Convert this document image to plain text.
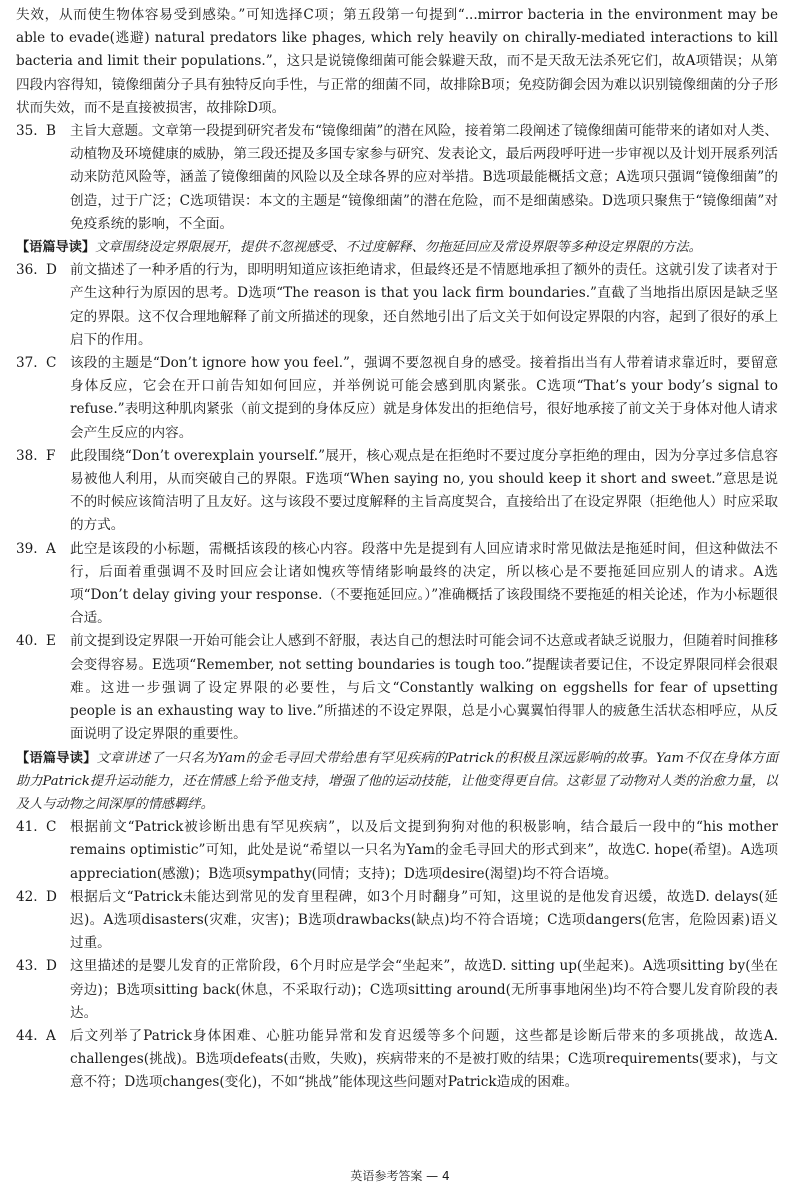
失效，从而使生物体容易受到感染。”可知选择C项；第五段第一句提到“...mirror bacteria in the environment may be able to evade(逃避) natural predators like phages, which rely heavily on chirally-mediated interactions to kill bacteria and limit their populations.”，这只是说镜像细菌可能会躲避天敌，而不是天敌无法杀死它们，故A项错误；从第四段内容得知，镜像细菌分子具有独特反向手性，与正常的细菌不同，故排除B项；免疫防御会因为难以识别镜像细菌的分子形状而失效，而不是直接被损害，故排除D项。

35. B	主旨大意题。文章第一段提到研究者发布“镜像细菌”的潜在风险，接着第二段阐述了镜像细菌可能带来的诸如对人类、动植物及环境健康的威胁，第三段还提及多国专家参与研究、发表论文，最后两段呼吁进一步审视以及计划开展系列活动来防范风险等，涵盖了镜像细菌的风险以及全球各界的应对举措。B选项最能概括文意；A选项只强调“镜像细菌”的创造，过于广泛；C选项错误：本文的主题是“镜像细菌”的潜在危险，而不是细菌感染。D选项只聚焦于“镜像细菌”对免疫系统的影响，不全面。

【语篇导读】文章围绕设定界限展开，提供不忽视感受、不过度解释、勿拖延回应及常设界限等多种设定界限的方法。

36. D 前文描述了一种矛盾的行为，即明明知道应该拒绝请求，但最终还是不情愿地承担了额外的责任。这就引发了读者对于产生这种行为原因的思考。D选项“The reason is that you lack firm boundaries.”直截了当地指出原因是缺乏坚定的界限。这不仅合理地解释了前文所描述的现象，还自然地引出了后文关于如何设定界限的内容，起到了很好的承上启下的作用。
37. C 该段的主题是“Don’t ignore how you feel.”，强调不要忽视自身的感受。接着指出当有人带着请求靠近时，要留意身体反应，它会在开口前告知如何回应，并举例说可能会感到肌肉紧张。C选项“That’s your body’s signal to refuse.”表明这种肌肉紧张（前文提到的身体反应）就是身体发出的拒绝信号，很好地承接了前文关于身体对他人请求会产生反应的内容。
38. F	此段围绕“Don’t overexplain yourself.”展开，核心观点是在拒绝时不要过度分享拒绝的理由，因为分享过多信息容易被他人利用，从而突破自己的界限。F选项“When saying no, you should keep it short and sweet.”意思是说不的时候应该简洁明了且友好。这与该段不要过度解释的主旨高度契合，直接给出了在设定界限（拒绝他人）时应采取的方式。
39. A	此空是该段的小标题，需概括该段的核心内容。段落中先是提到有人回应请求时常见做法是拖延时间，但这种做法不行，后面着重强调不及时回应会让诸如愧疚等情绪影响最终的决定，所以核心是不要拖延回应别人的请求。A选项“Don’t delay giving your response.（不要拖延回应。）”准确概括了该段围绕不要拖延的相关论述，作为小标题很合适。
40. E	前文提到设定界限一开始可能会让人感到不舒服，表达自己的想法时可能会词不达意或者缺乏说服力，但随着时间推移会变得容易。E选项“Remember, not setting boundaries is tough too.”提醒读者要记住，不设定界限同样会很艰难。这进一步强调了设定界限的必要性，与后文“Constantly walking on eggshells for fear of upsetting people is an exhausting way to live.”所描述的不设定界限，总是小心翼翼怕得罪人的疲惫生活状态相呼应，从反面说明了设定界限的重要性。

【语篇导读】文章讲述了一只名为Yam的金毛寻回犬带给患有罕见疾病的Patrick的积极且深远影响的故事。Yam不仅在身体方面助力Patrick提升运动能力，还在情感上给予他支持，增强了他的运动技能，让他变得更自信。这彰显了动物对人类的治愈力量，以及人与动物之间深厚的情感羁绊。

41. C 根据前文“Patrick被诊断出患有罕见疾病”，以及后文提到狗狗对他的积极影响，结合最后一段中的“his mother remains optimistic”可知，此处是说“希望以一只名为Yam的金毛寻回犬的形式到来”，故选C. hope(希望)。A选项appreciation(感激)；B选项sympathy(同情；支持)；D选项desire(渴望)均不符合语境。
42. D 根据后文“Patrick未能达到常见的发育里程碑，如3个月时翻身”可知，这里说的是他发育迟缓，故选D. delays(延迟)。A选项disasters(灾难，灾害)；B选项drawbacks(缺点)均不符合语境；C选项dangers(危害，危险因素)语义过重。
43. D 这里描述的是婴儿发育的正常阶段，6个月时应是学会“坐起来”，故选D. sitting up(坐起来)。A选项sitting by(坐在旁边)；B选项sitting back(休息，不采取行动)；C选项sitting around(无所事事地闲坐)均不符合婴儿发育阶段的表达。
44. A	后文列举了Patrick身体困难、心脏功能异常和发育迟缓等多个问题，这些都是诊断后带来的多项挑战，故选A. challenges(挑战)。B选项defeats(击败，失败)，疾病带来的不是被打败的结果；C选项requirements(要求)，与文意不符；D选项changes(变化)，不如“挑战”能体现这些问题对Patrick造成的困难。
英语参考答案 — 4
